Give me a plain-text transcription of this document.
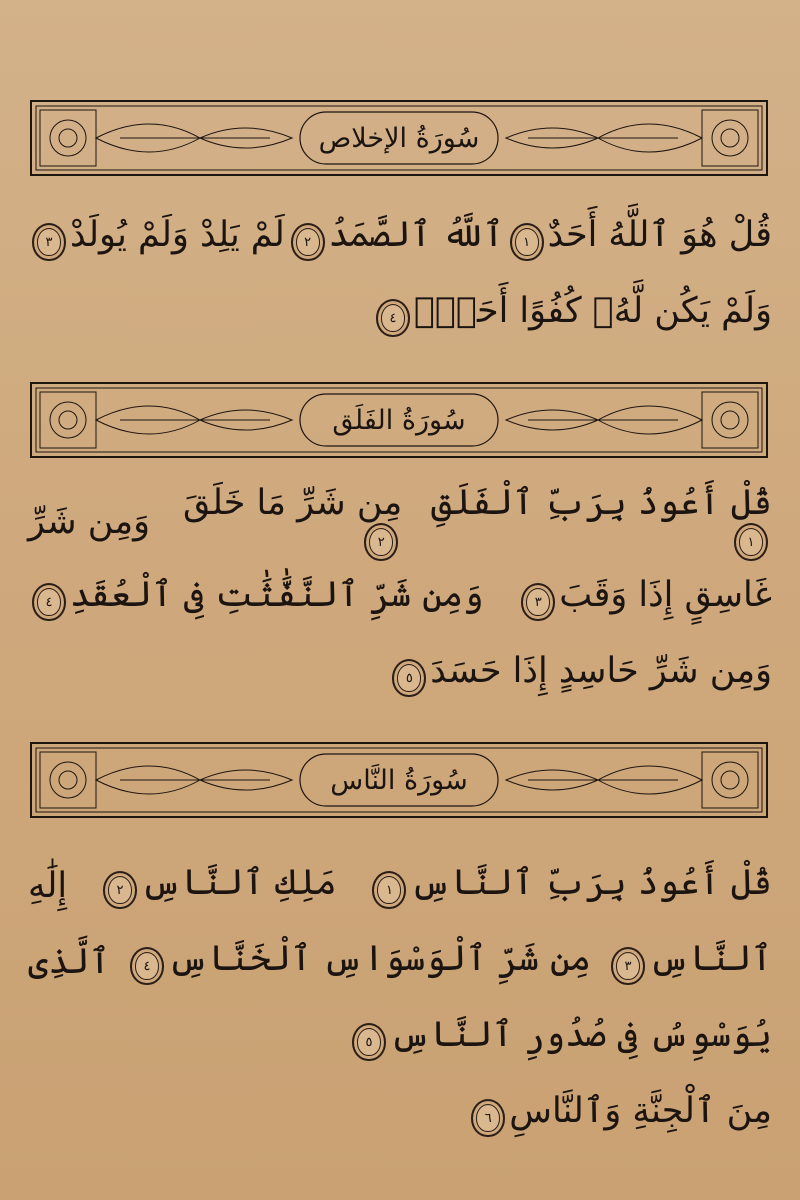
سُورَةُ الإخلاص
قُلْ هُوَ ٱللَّهُ أَحَدٌ١
ٱللَّهُ ٱلصَّمَدُ٢
لَمْ يَلِدْ وَلَمْ يُولَدْ٣
وَلَمْ يَكُن لَّهُۥ كُفُوًا أَحَدٌۢ٤
سُورَةُ الفَلَق
قُلْ أَعُوذُ بِرَبِّ ٱلْفَلَقِ١
مِن شَرِّ مَا خَلَقَ٢
وَمِن شَرِّ
غَاسِقٍ إِذَا وَقَبَ٣
وَمِن شَرِّ ٱلنَّفَّٰثَٰتِ فِى ٱلْعُقَدِ٤
وَمِن شَرِّ حَاسِدٍ إِذَا حَسَدَ٥
سُورَةُ النَّاس
قُلْ أَعُوذُ بِرَبِّ ٱلنَّاسِ١
مَلِكِ ٱلنَّاسِ٢
إِلَٰهِ
ٱلنَّاسِ٣
مِن شَرِّ ٱلْوَسْوَاسِ ٱلْخَنَّاسِ٤
ٱلَّذِى
يُوَسْوِسُ فِى صُدُورِ ٱلنَّاسِ٥
مِنَ ٱلْجِنَّةِ وَٱلنَّاسِ٦
